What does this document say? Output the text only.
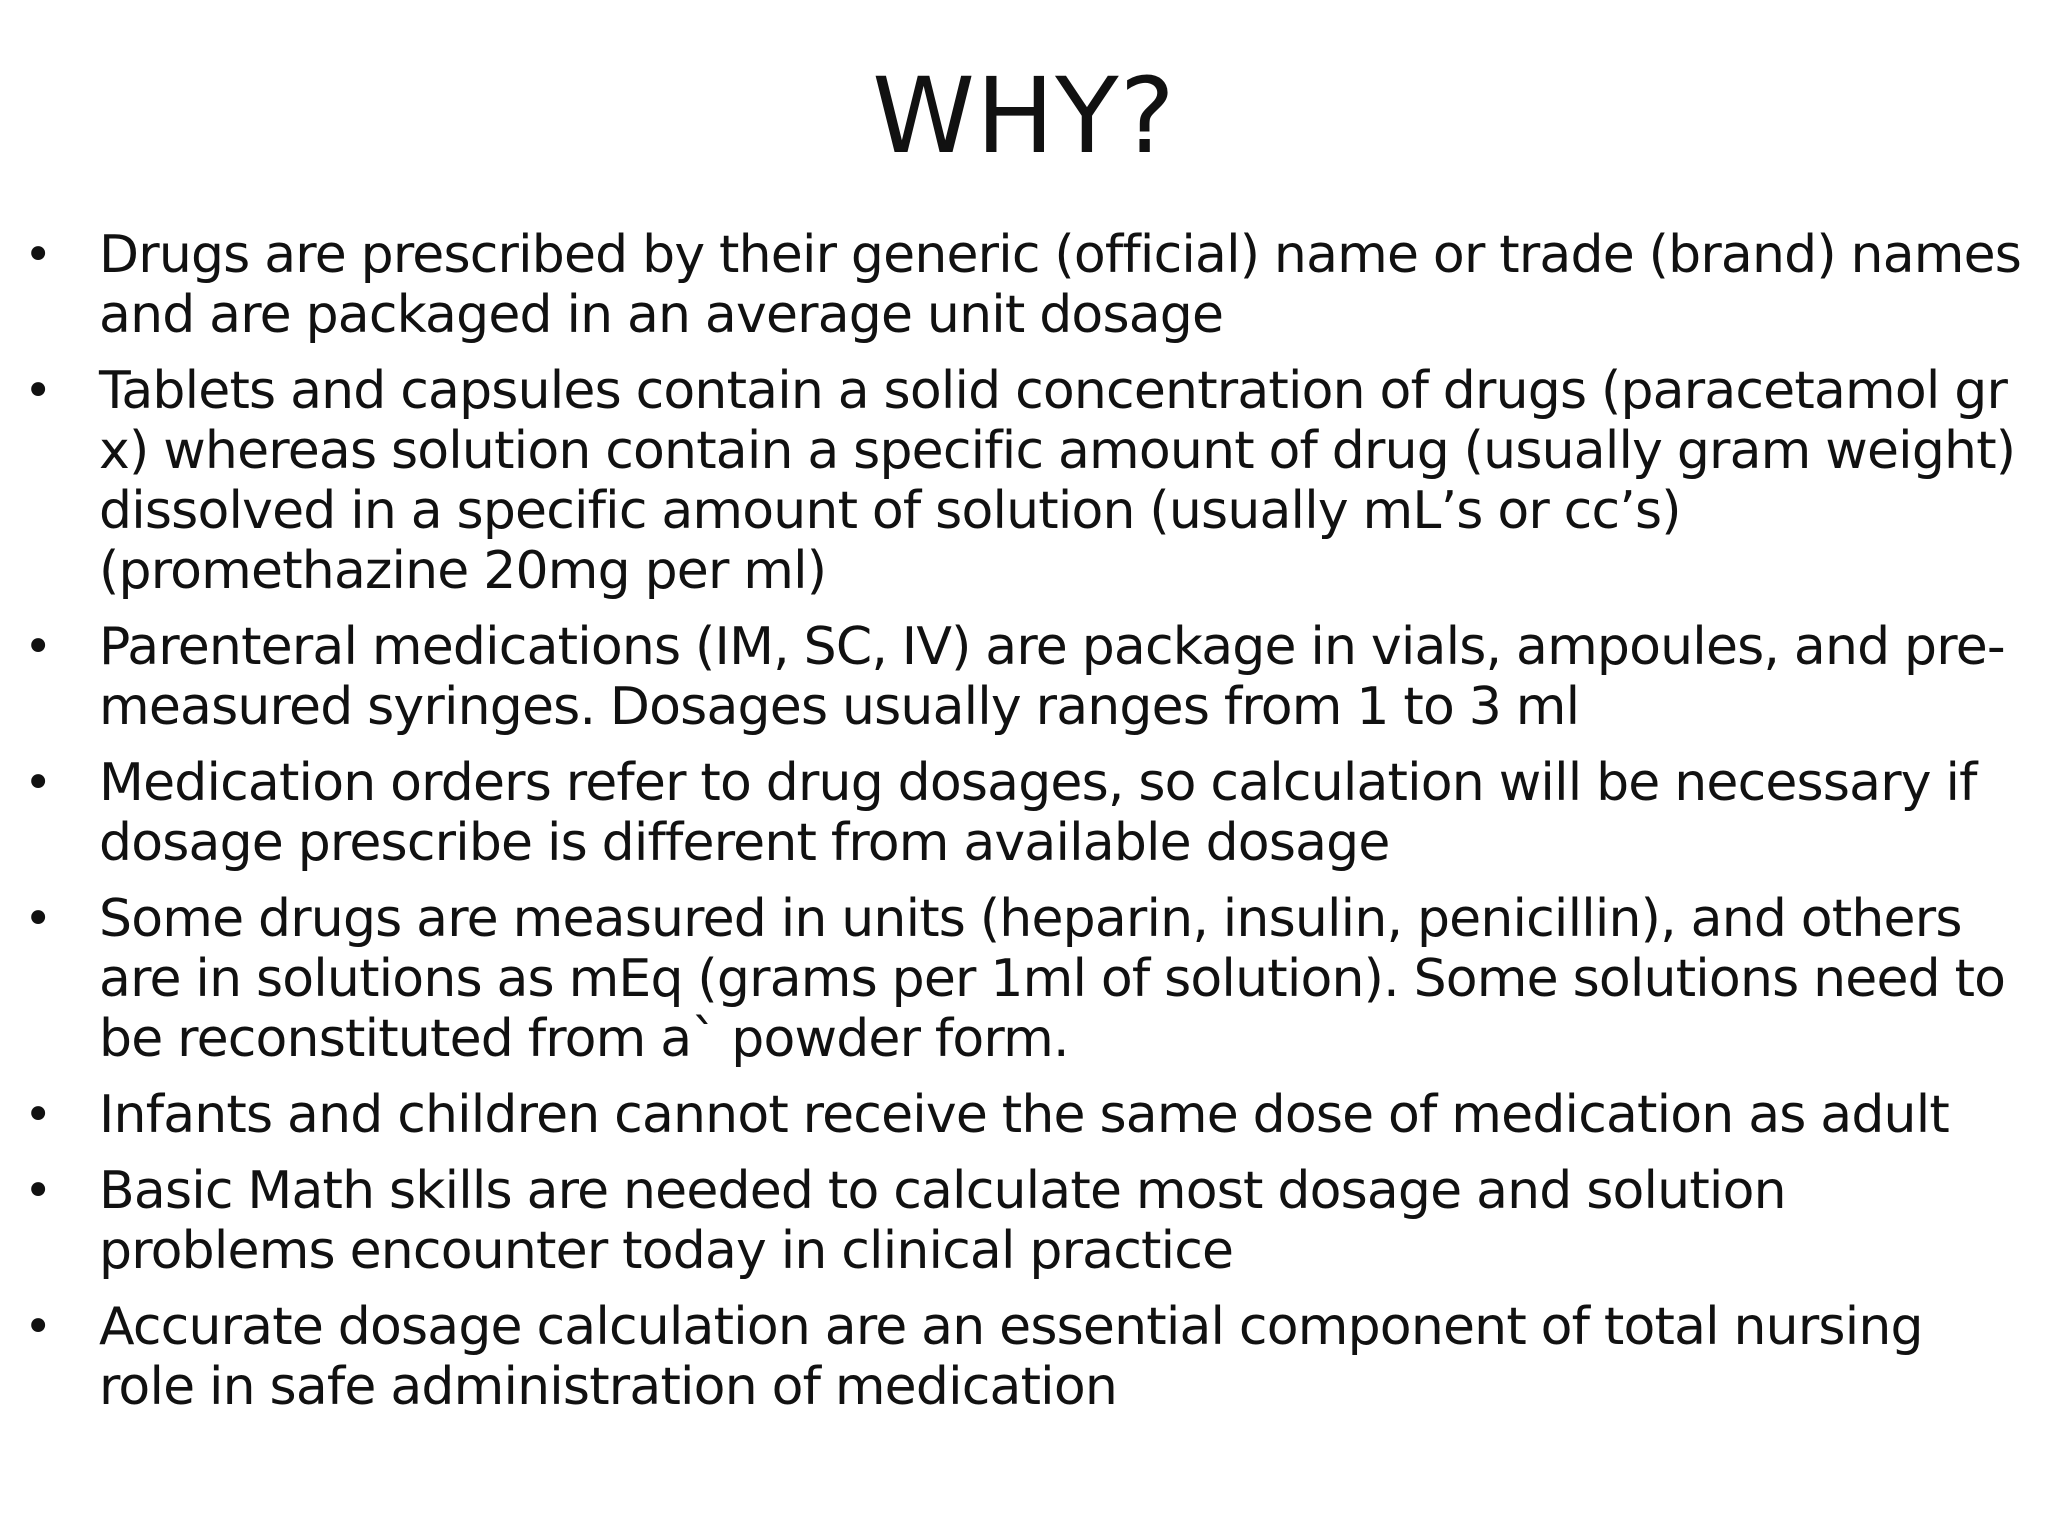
WHY?
• Drugs are prescribed by their generic (official) name or trade (brand) names
and are packaged in an average unit dosage
• Tablets and capsules contain a solid concentration of drugs (paracetamol gr
x) whereas solution contain a specific amount of drug (usually gram weight)
dissolved in a specific amount of solution (usually mL’s or cc’s)
(promethazine 20mg per ml)
• Parenteral medications (IM, SC, IV) are package in vials, ampoules, and pre-
measured syringes. Dosages usually ranges from 1 to 3 ml
• Medication orders refer to drug dosages, so calculation will be necessary if
dosage prescribe is different from available dosage
• Some drugs are measured in units (heparin, insulin, penicillin), and others
are in solutions as mEq (grams per 1ml of solution). Some solutions need to
be reconstituted from a` powder form.
• Infants and children cannot receive the same dose of medication as adult
• Basic Math skills are needed to calculate most dosage and solution
problems encounter today in clinical practice
• Accurate dosage calculation are an essential component of total nursing
role in safe administration of medication
